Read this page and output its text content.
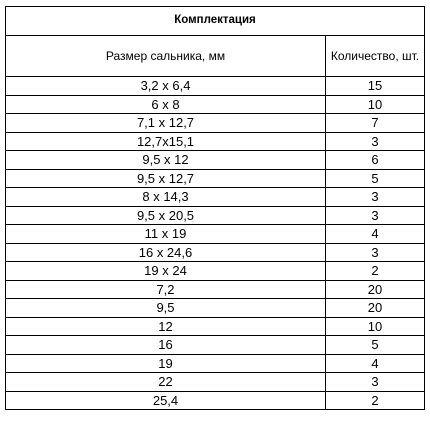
Комплектация	
Размер сальника, мм	Количество, шт.
3,2 х 6,4	15
6 х 8	10
7,1 х 12,7	7
12,7х15,1	3
9,5 х 12	6
9,5 х 12,7	5
8 х 14,3	3
9,5 х 20,5	3
11 х 19	4
16 х 24,6	3
19 х 24	2
7,2	20
9,5	20
12	10
16	5
19	4
22	3
25,4	2
